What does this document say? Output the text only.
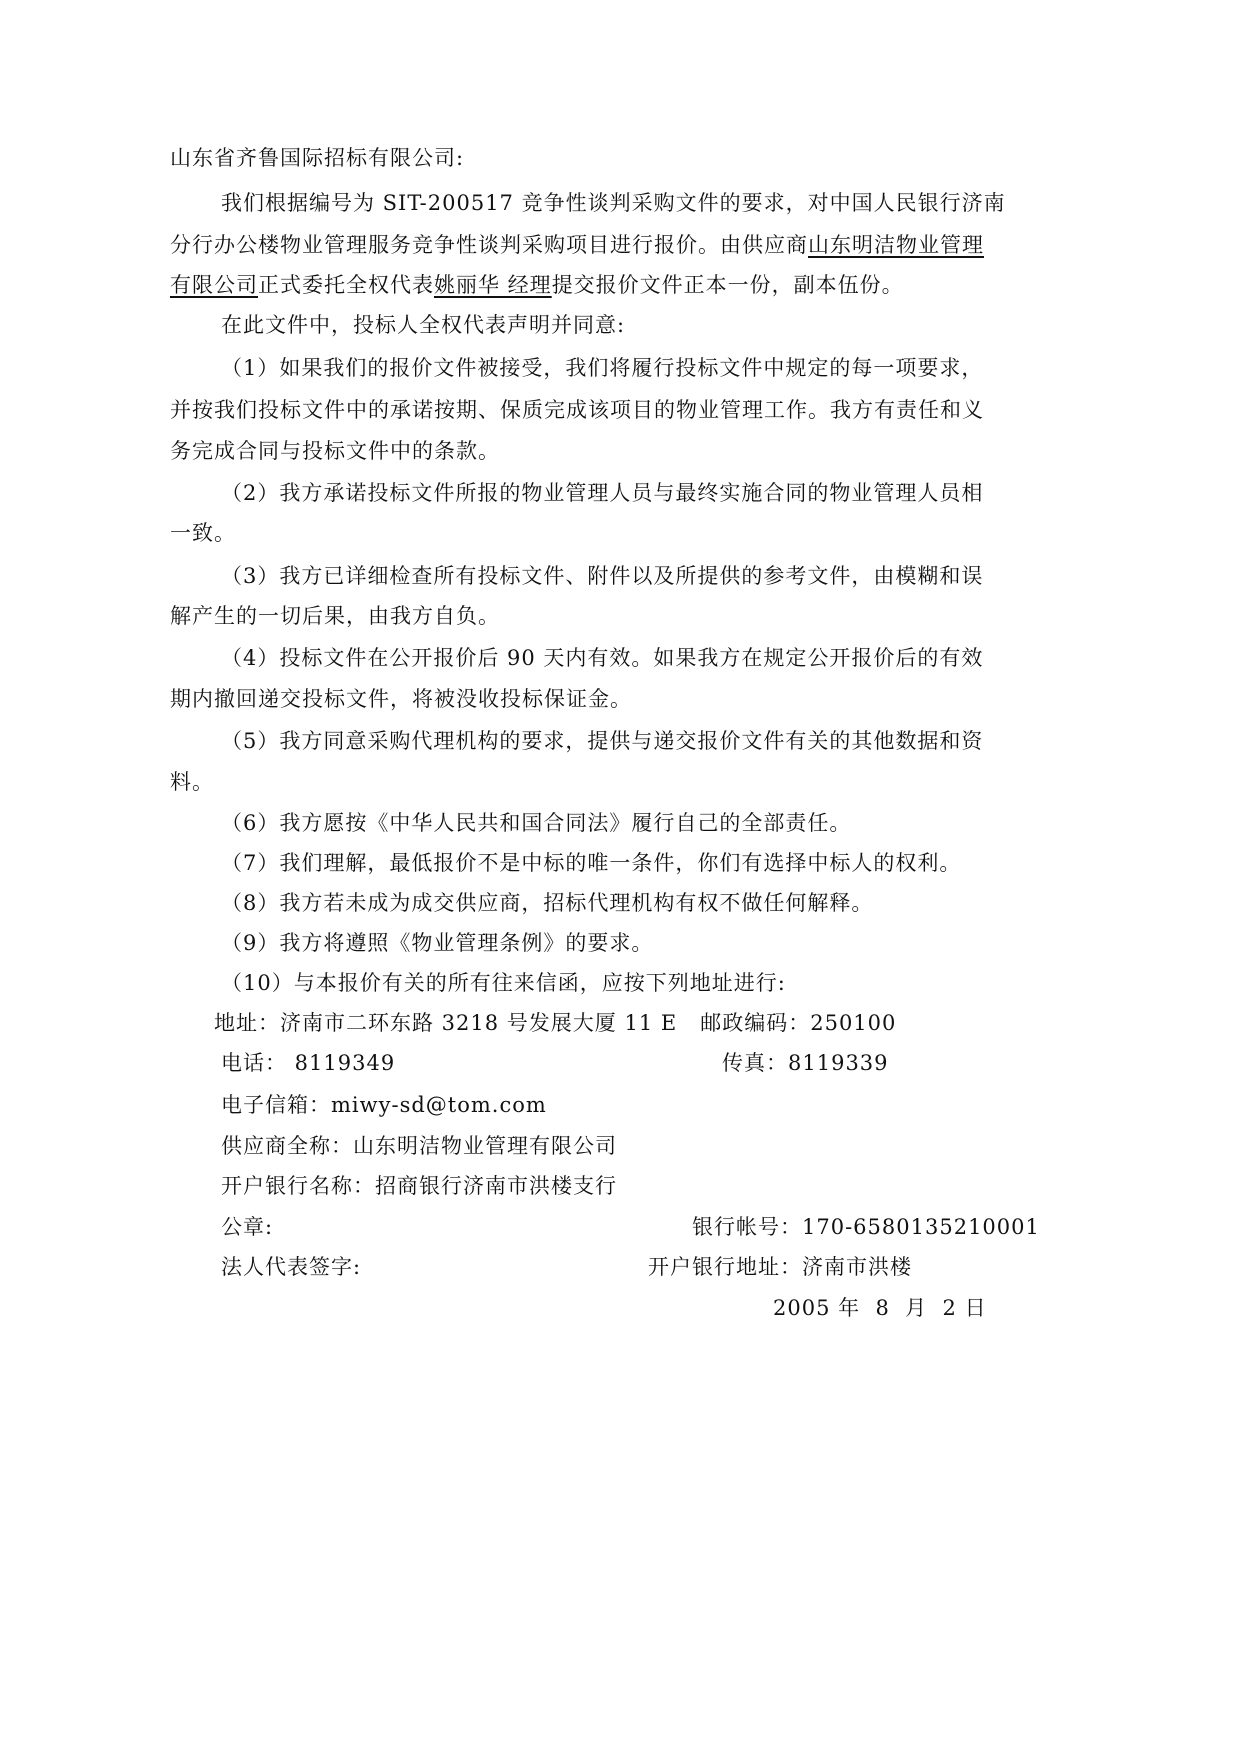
山东省齐鲁国际招标有限公司:
我们根据编号为 SIT-200517 竞争性谈判采购文件的要求，对中国人民银行济南
分行办公楼物业管理服务竞争性谈判采购项目进行报价。由供应商山东明洁物业管理
有限公司正式委托全权代表姚丽华 经理提交报价文件正本一份，副本伍份。
在此文件中，投标人全权代表声明并同意:
（1）如果我们的报价文件被接受，我们将履行投标文件中规定的每一项要求，
并按我们投标文件中的承诺按期、保质完成该项目的物业管理工作。我方有责任和义
务完成合同与投标文件中的条款。
（2）我方承诺投标文件所报的物业管理人员与最终实施合同的物业管理人员相
一致。
（3）我方已详细检查所有投标文件、附件以及所提供的参考文件，由模糊和误
解产生的一切后果，由我方自负。
（4）投标文件在公开报价后 90 天内有效。如果我方在规定公开报价后的有效
期内撤回递交投标文件，将被没收投标保证金。
（5）我方同意采购代理机构的要求，提供与递交报价文件有关的其他数据和资
料。
（6）我方愿按《中华人民共和国合同法》履行自己的全部责任。
（7）我们理解，最低报价不是中标的唯一条件，你们有选择中标人的权利。
（8）我方若未成为成交供应商，招标代理机构有权不做任何解释。
（9）我方将遵照《物业管理条例》的要求。
（10）与本报价有关的所有往来信函，应按下列地址进行:
地址：济南市二环东路 3218 号发展大厦 11 E   邮政编码：250100
电话： 8119349	传真：8119339
电子信箱：miwy-sd@tom.com
供应商全称：山东明洁物业管理有限公司
开户银行名称：招商银行济南市洪楼支行
公章:	银行帐号：170-6580135210001
法人代表签字:	开户银行地址：济南市洪楼
2005 年  8  月  2 日
